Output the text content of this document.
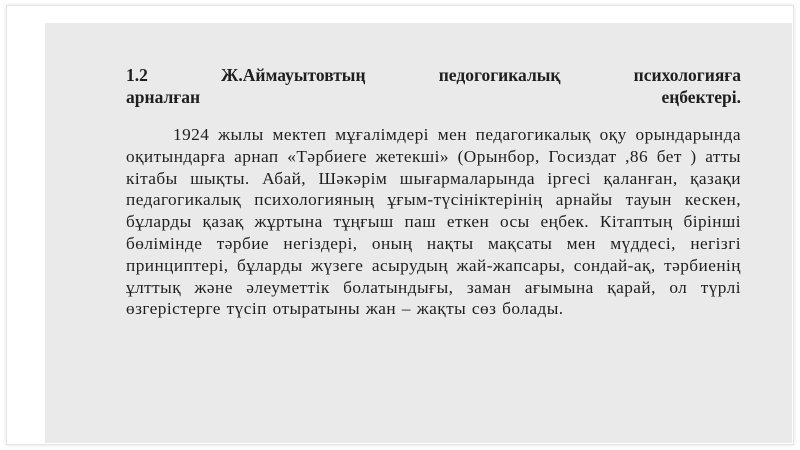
1.2 Ж.Аймауытовтың педогогикалық психологияға
арналған еңбектері.

1924 жылы мектеп мұғалімдері мен педагогикалық оқу орындарында оқитындарға арнап «Тәрбиеге жетекші» (Орынбор, Госиздат ,86 бет ) атты кітабы шықты. Абай, Шәкәрім шығармаларында іргесі қаланған, қазақи педагогикалық психологияның ұғым-түсініктерінің арнайы тауын кескен, бұларды қазақ жұртына тұңғыш паш еткен осы еңбек. Кітаптың бірінші бөлімінде тәрбие негіздері, оның нақты мақсаты мен мүддесі, негізгі принциптері, бұларды жүзеге асырудың жай-жапсары, сондай-ақ, тәрбиенің ұлттық және әлеуметтік болатындығы, заман ағымына қарай, ол түрлі өзгерістерге түсіп отыратыны жан – жақты сөз болады.
